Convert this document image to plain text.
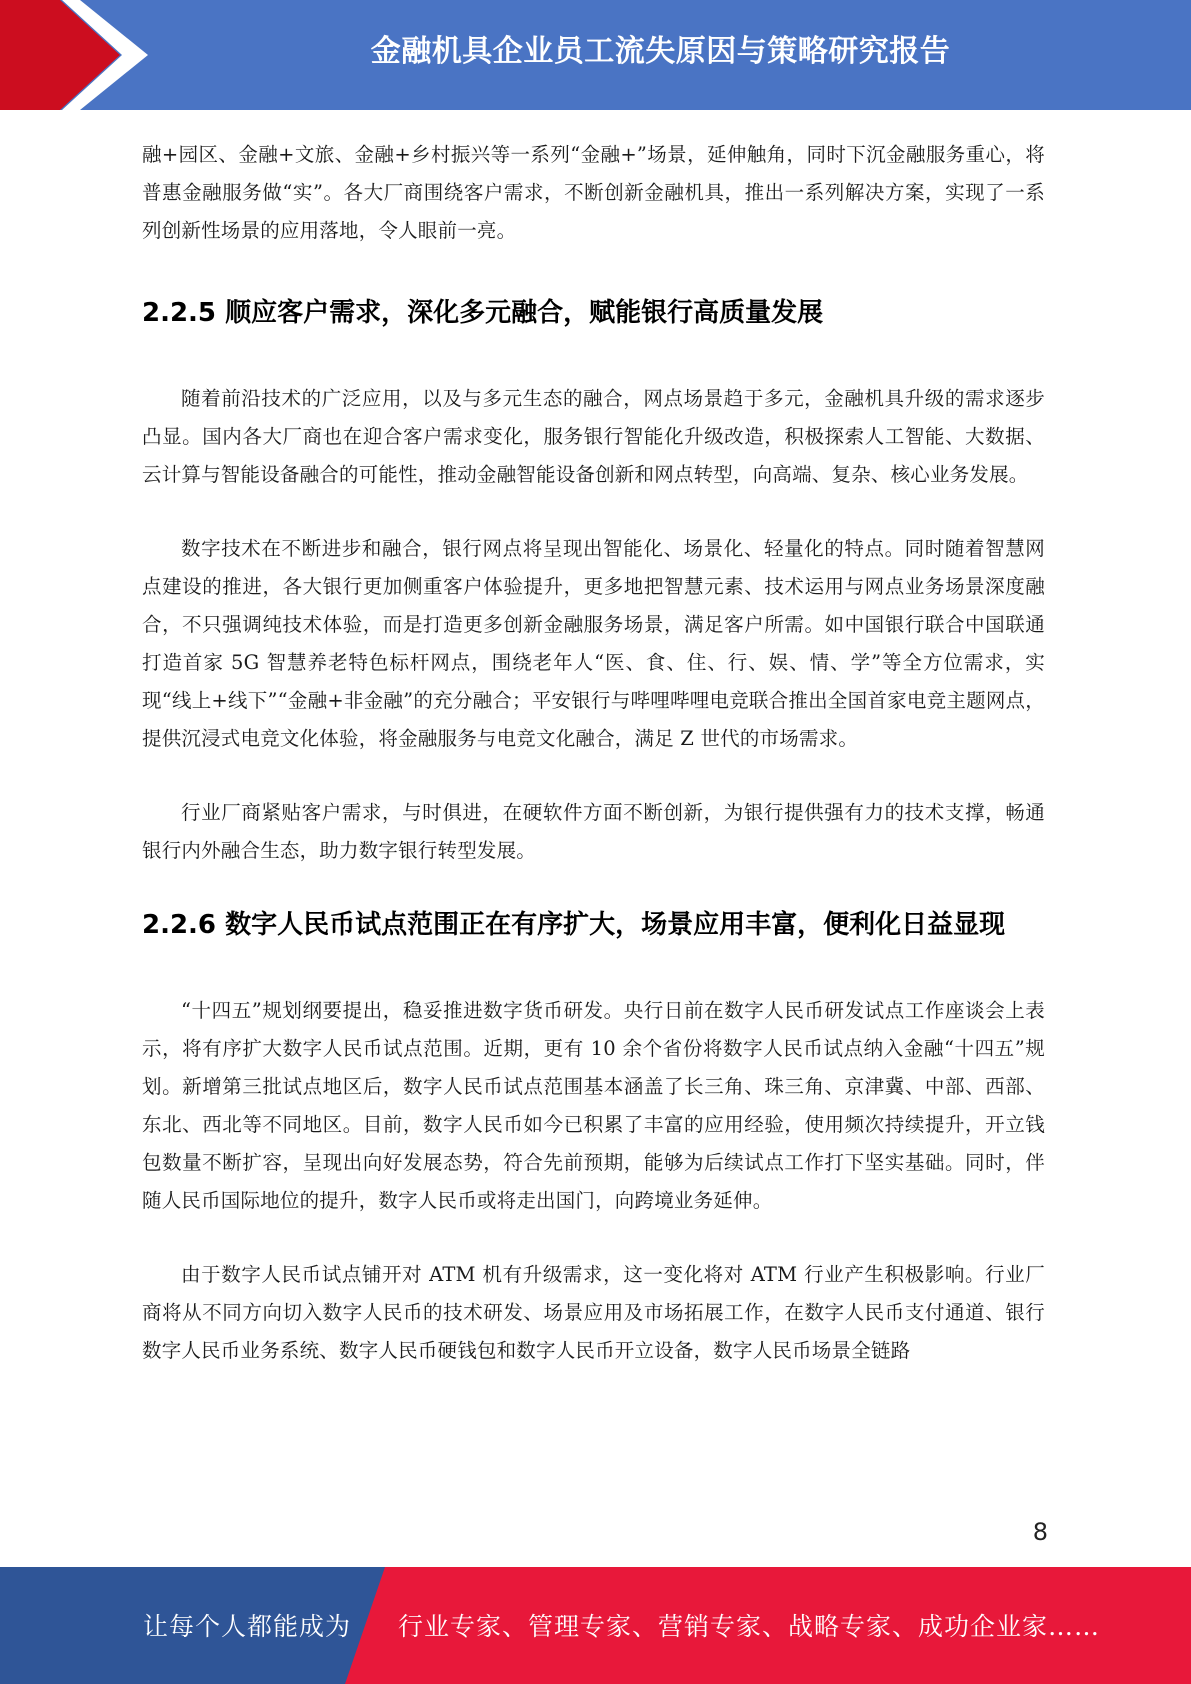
金融机具企业员工流失原因与策略研究报告

融+园区、金融+文旅、金融+乡村振兴等一系列“金融+”场景，延伸触角，同时下沉金融服务重心，将普惠金融服务做“实”。各大厂商围绕客户需求，不断创新金融机具，推出一系列解决方案，实现了一系列创新性场景的应用落地，令人眼前一亮。

2.2.5 顺应客户需求，深化多元融合，赋能银行高质量发展

随着前沿技术的广泛应用，以及与多元生态的融合，网点场景趋于多元，金融机具升级的需求逐步凸显。国内各大厂商也在迎合客户需求变化，服务银行智能化升级改造，积极探索人工智能、大数据、云计算与智能设备融合的可能性，推动金融智能设备创新和网点转型，向高端、复杂、核心业务发展。

数字技术在不断进步和融合，银行网点将呈现出智能化、场景化、轻量化的特点。同时随着智慧网点建设的推进，各大银行更加侧重客户体验提升，更多地把智慧元素、技术运用与网点业务场景深度融合，不只强调纯技术体验，而是打造更多创新金融服务场景，满足客户所需。如中国银行联合中国联通打造首家 5G 智慧养老特色标杆网点，围绕老年人“医、食、住、行、娱、情、学”等全方位需求，实现“线上+线下”“金融+非金融”的充分融合；平安银行与哔哩哔哩电竞联合推出全国首家电竞主题网点，提供沉浸式电竞文化体验，将金融服务与电竞文化融合，满足 Z 世代的市场需求。

行业厂商紧贴客户需求，与时俱进，在硬软件方面不断创新，为银行提供强有力的技术支撑，畅通银行内外融合生态，助力数字银行转型发展。

2.2.6 数字人民币试点范围正在有序扩大，场景应用丰富，便利化日益显现

“十四五”规划纲要提出，稳妥推进数字货币研发。央行日前在数字人民币研发试点工作座谈会上表示，将有序扩大数字人民币试点范围。近期，更有 10 余个省份将数字人民币试点纳入金融“十四五”规划。新增第三批试点地区后，数字人民币试点范围基本涵盖了长三角、珠三角、京津冀、中部、西部、东北、西北等不同地区。目前，数字人民币如今已积累了丰富的应用经验，使用频次持续提升，开立钱包数量不断扩容，呈现出向好发展态势，符合先前预期，能够为后续试点工作打下坚实基础。同时，伴随人民币国际地位的提升，数字人民币或将走出国门，向跨境业务延伸。

由于数字人民币试点铺开对 ATM 机有升级需求，这一变化将对 ATM 行业产生积极影响。行业厂商将从不同方向切入数字人民币的技术研发、场景应用及市场拓展工作，在数字人民币支付通道、银行数字人民币业务系统、数字人民币硬钱包和数字人民币开立设备，数字人民币场景全链路

8
让每个人都能成为 行业专家、管理专家、营销专家、战略专家、成功企业家……
